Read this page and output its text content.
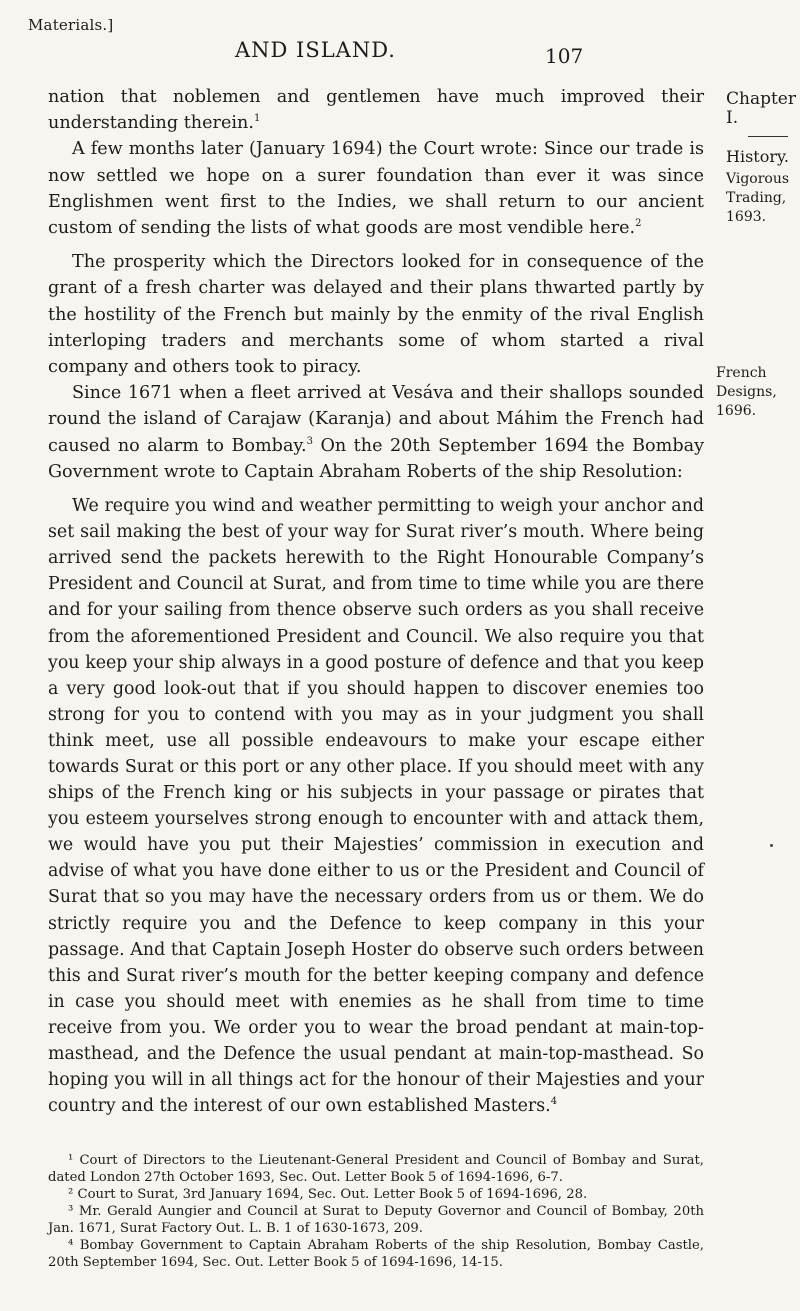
Materials.]
AND ISLAND.	107

nation that noblemen and gentlemen have much improved their understanding therein.$^1$

A few months later (January 1694) the Court wrote: Since our trade is now settled we hope on a surer foundation than ever it was since Englishmen went first to the Indies, we shall return to our ancient custom of sending the lists of what goods are most vendible here.$^2$

The prosperity which the Directors looked for in consequence of the grant of a fresh charter was delayed and their plans thwarted partly by the hostility of the French but mainly by the enmity of the rival English interloping traders and merchants some of whom started a rival company and others took to piracy.

Since 1671 when a fleet arrived at Vesáva and their shallops sounded round the island of Carajaw (Karanja) and about Máhim the French had caused no alarm to Bombay.$^3$ On the 20th September 1694 the Bombay Government wrote to Captain Abraham Roberts of the ship Resolution:

We require you wind and weather permitting to weigh your anchor and set sail making the best of your way for Surat river’s mouth. Where being arrived send the packets herewith to the Right Honourable Company’s President and Council at Surat, and from time to time while you are there and for your sailing from thence observe such orders as you shall receive from the aforementioned President and Council. We also require you that you keep your ship always in a good posture of defence and that you keep a very good look-out that if you should happen to discover enemies too strong for you to contend with you may as in your judgment you shall think meet, use all possible endeavours to make your escape either towards Surat or this port or any other place. If you should meet with any ships of the French king or his subjects in your passage or pirates that you esteem yourselves strong enough to encounter with and attack them, we would have you put their Majesties’ commission in execution and advise of what you have done either to us or the President and Council of Surat that so you may have the necessary orders from us or them. We do strictly require you and the Defence to keep company in this your passage. And that Captain Joseph Hoster do observe such orders between this and Surat river’s mouth for the better keeping company and defence in case you should meet with enemies as he shall from time to time receive from you. We order you to wear the broad pendant at main-top-masthead, and the Defence the usual pendant at main-top-masthead. So hoping you will in all things act for the honour of their Majesties and your country and the interest of our own established Masters.$^4$

Chapter I.
History.
Vigorous
Trading,
1693.
French Designs,
1696.

¹ Court of Directors to the Lieutenant-General President and Council of Bombay and Surat, dated London 27th October 1693, Sec. Out. Letter Book 5 of 1694-1696, 6-7.

² Court to Surat, 3rd January 1694, Sec. Out. Letter Book 5 of 1694-1696, 28.

³ Mr. Gerald Aungier and Council at Surat to Deputy Governor and Council of Bombay, 20th Jan. 1671, Surat Factory Out. L. B. 1 of 1630-1673, 209.

⁴ Bombay Government to Captain Abraham Roberts of the ship Resolution, Bombay Castle, 20th September 1694, Sec. Out. Letter Book 5 of 1694-1696, 14-15.
